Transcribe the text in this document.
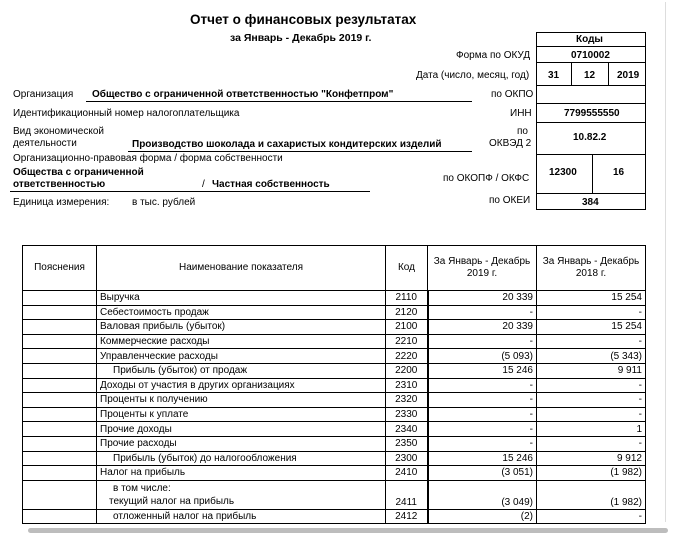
Отчет о финансовых результатах
за Январь - Декабрь 2019 г.	Коды
Форма по ОКУД	0710002
Дата (число, месяц, год) 31 12 2019
Организация Общество с ограниченной ответственностью "Конфетпром"	по ОКПО
Идентификационный номер налогоплательщика	ИНН	7799555550
Вид экономической
деятельности	Производство шоколада и сахаристых кондитерских изделий
по
ОКВЭД 2
10.82.2
Организационно-правовая форма / форма собственности
Общества с ограниченной
ответственностью	/ Частная собственность
по ОКОПФ / ОКФС
12300	16
Единица измерения: в тыс. рублей	по ОКЕИ	384
Пояснения	Наименование показателя	Код	За Январь - Декабрь 2019 г.	За Январь - Декабрь 2018 г.
	Выручка	2110	20 339	15 254
	Себестоимость продаж	2120	-	-
	Валовая прибыль (убыток)	2100	20 339	15 254
	Коммерческие расходы	2210	-	-
	Управленческие расходы	2220	(5 093)	(5 343)
	Прибыль (убыток) от продаж	2200	15 246	9 911
	Доходы от участия в других организациях	2310	-	-
	Проценты к получению	2320	-	-
	Проценты к уплате	2330	-	-
	Прочие доходы	2340	-	1
	Прочие расходы	2350	-	-
	Прибыль (убыток) до налогообложения	2300	15 246	9 912
	Налог на прибыль	2410	(3 051)	(1 982)

	в том числе:
текущий налог на прибыль	2411	(3 049)	(1 982)
	отложенный налог на прибыль	2412	(2)	-
